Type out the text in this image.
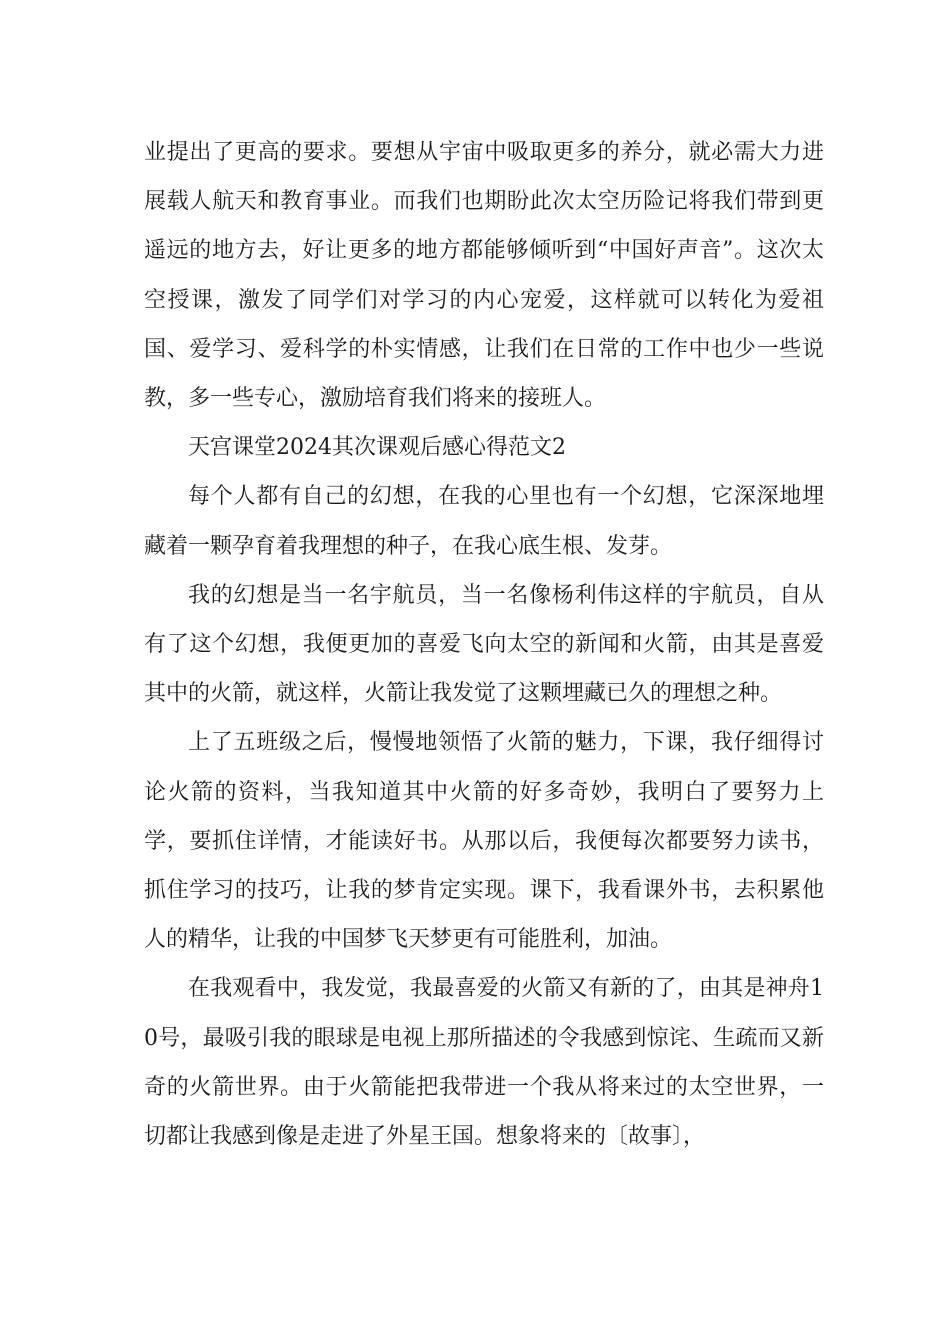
业提出了更高的要求。要想从宇宙中吸取更多的养分，就必需大力进展载人航天和教育事业。而我们也期盼此次太空历险记将我们带到更遥远的地方去，好让更多的地方都能够倾听到“中国好声音”。这次太空授课，激发了同学们对学习的内心宠爱，这样就可以转化为爱祖国、爱学习、爱科学的朴实情感，让我们在日常的工作中也少一些说教，多一些专心，激励培育我们将来的接班人。

天宫课堂2024其次课观后感心得范文2

每个人都有自己的幻想，在我的心里也有一个幻想，它深深地埋藏着一颗孕育着我理想的种子，在我心底生根、发芽。

我的幻想是当一名宇航员，当一名像杨利伟这样的宇航员，自从有了这个幻想，我便更加的喜爱飞向太空的新闻和火箭，由其是喜爱其中的火箭，就这样，火箭让我发觉了这颗埋藏已久的理想之种。

上了五班级之后，慢慢地领悟了火箭的魅力，下课，我仔细得讨论火箭的资料，当我知道其中火箭的好多奇妙，我明白了要努力上学，要抓住详情，才能读好书。从那以后，我便每次都要努力读书，抓住学习的技巧，让我的梦肯定实现。课下，我看课外书，去积累他人的精华，让我的中国梦飞天梦更有可能胜利，加油。

在我观看中，我发觉，我最喜爱的火箭又有新的了，由其是神舟10号，最吸引我的眼球是电视上那所描述的令我感到惊诧、生疏而又新奇的火箭世界。由于火箭能把我带进一个我从将来过的太空世界，一切都让我感到像是走进了外星王国。想象将来的〔故事〕，
